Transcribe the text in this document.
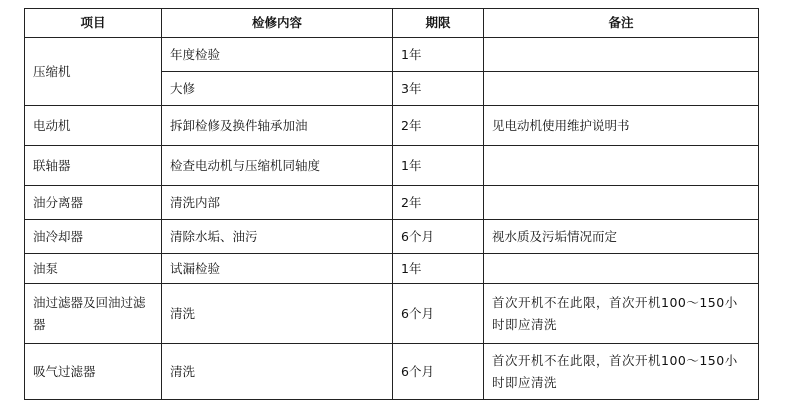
项目	检修内容	期限	备注
压缩机	年度检验	1年	
	大修	3年	
电动机	拆卸检修及换件轴承加油	2年	见电动机使用维护说明书
联轴器	检查电动机与压缩机同轴度	1年	
油分离器	清洗内部	2年	
油冷却器	清除水垢、油污	6个月	视水质及污垢情况而定
油泵	试漏检验	1年	
油过滤器及回油过滤器	清洗	6个月	首次开机不在此限，首次开机100～150小时即应清洗
吸气过滤器	清洗	6个月	首次开机不在此限，首次开机100～150小时即应清洗
